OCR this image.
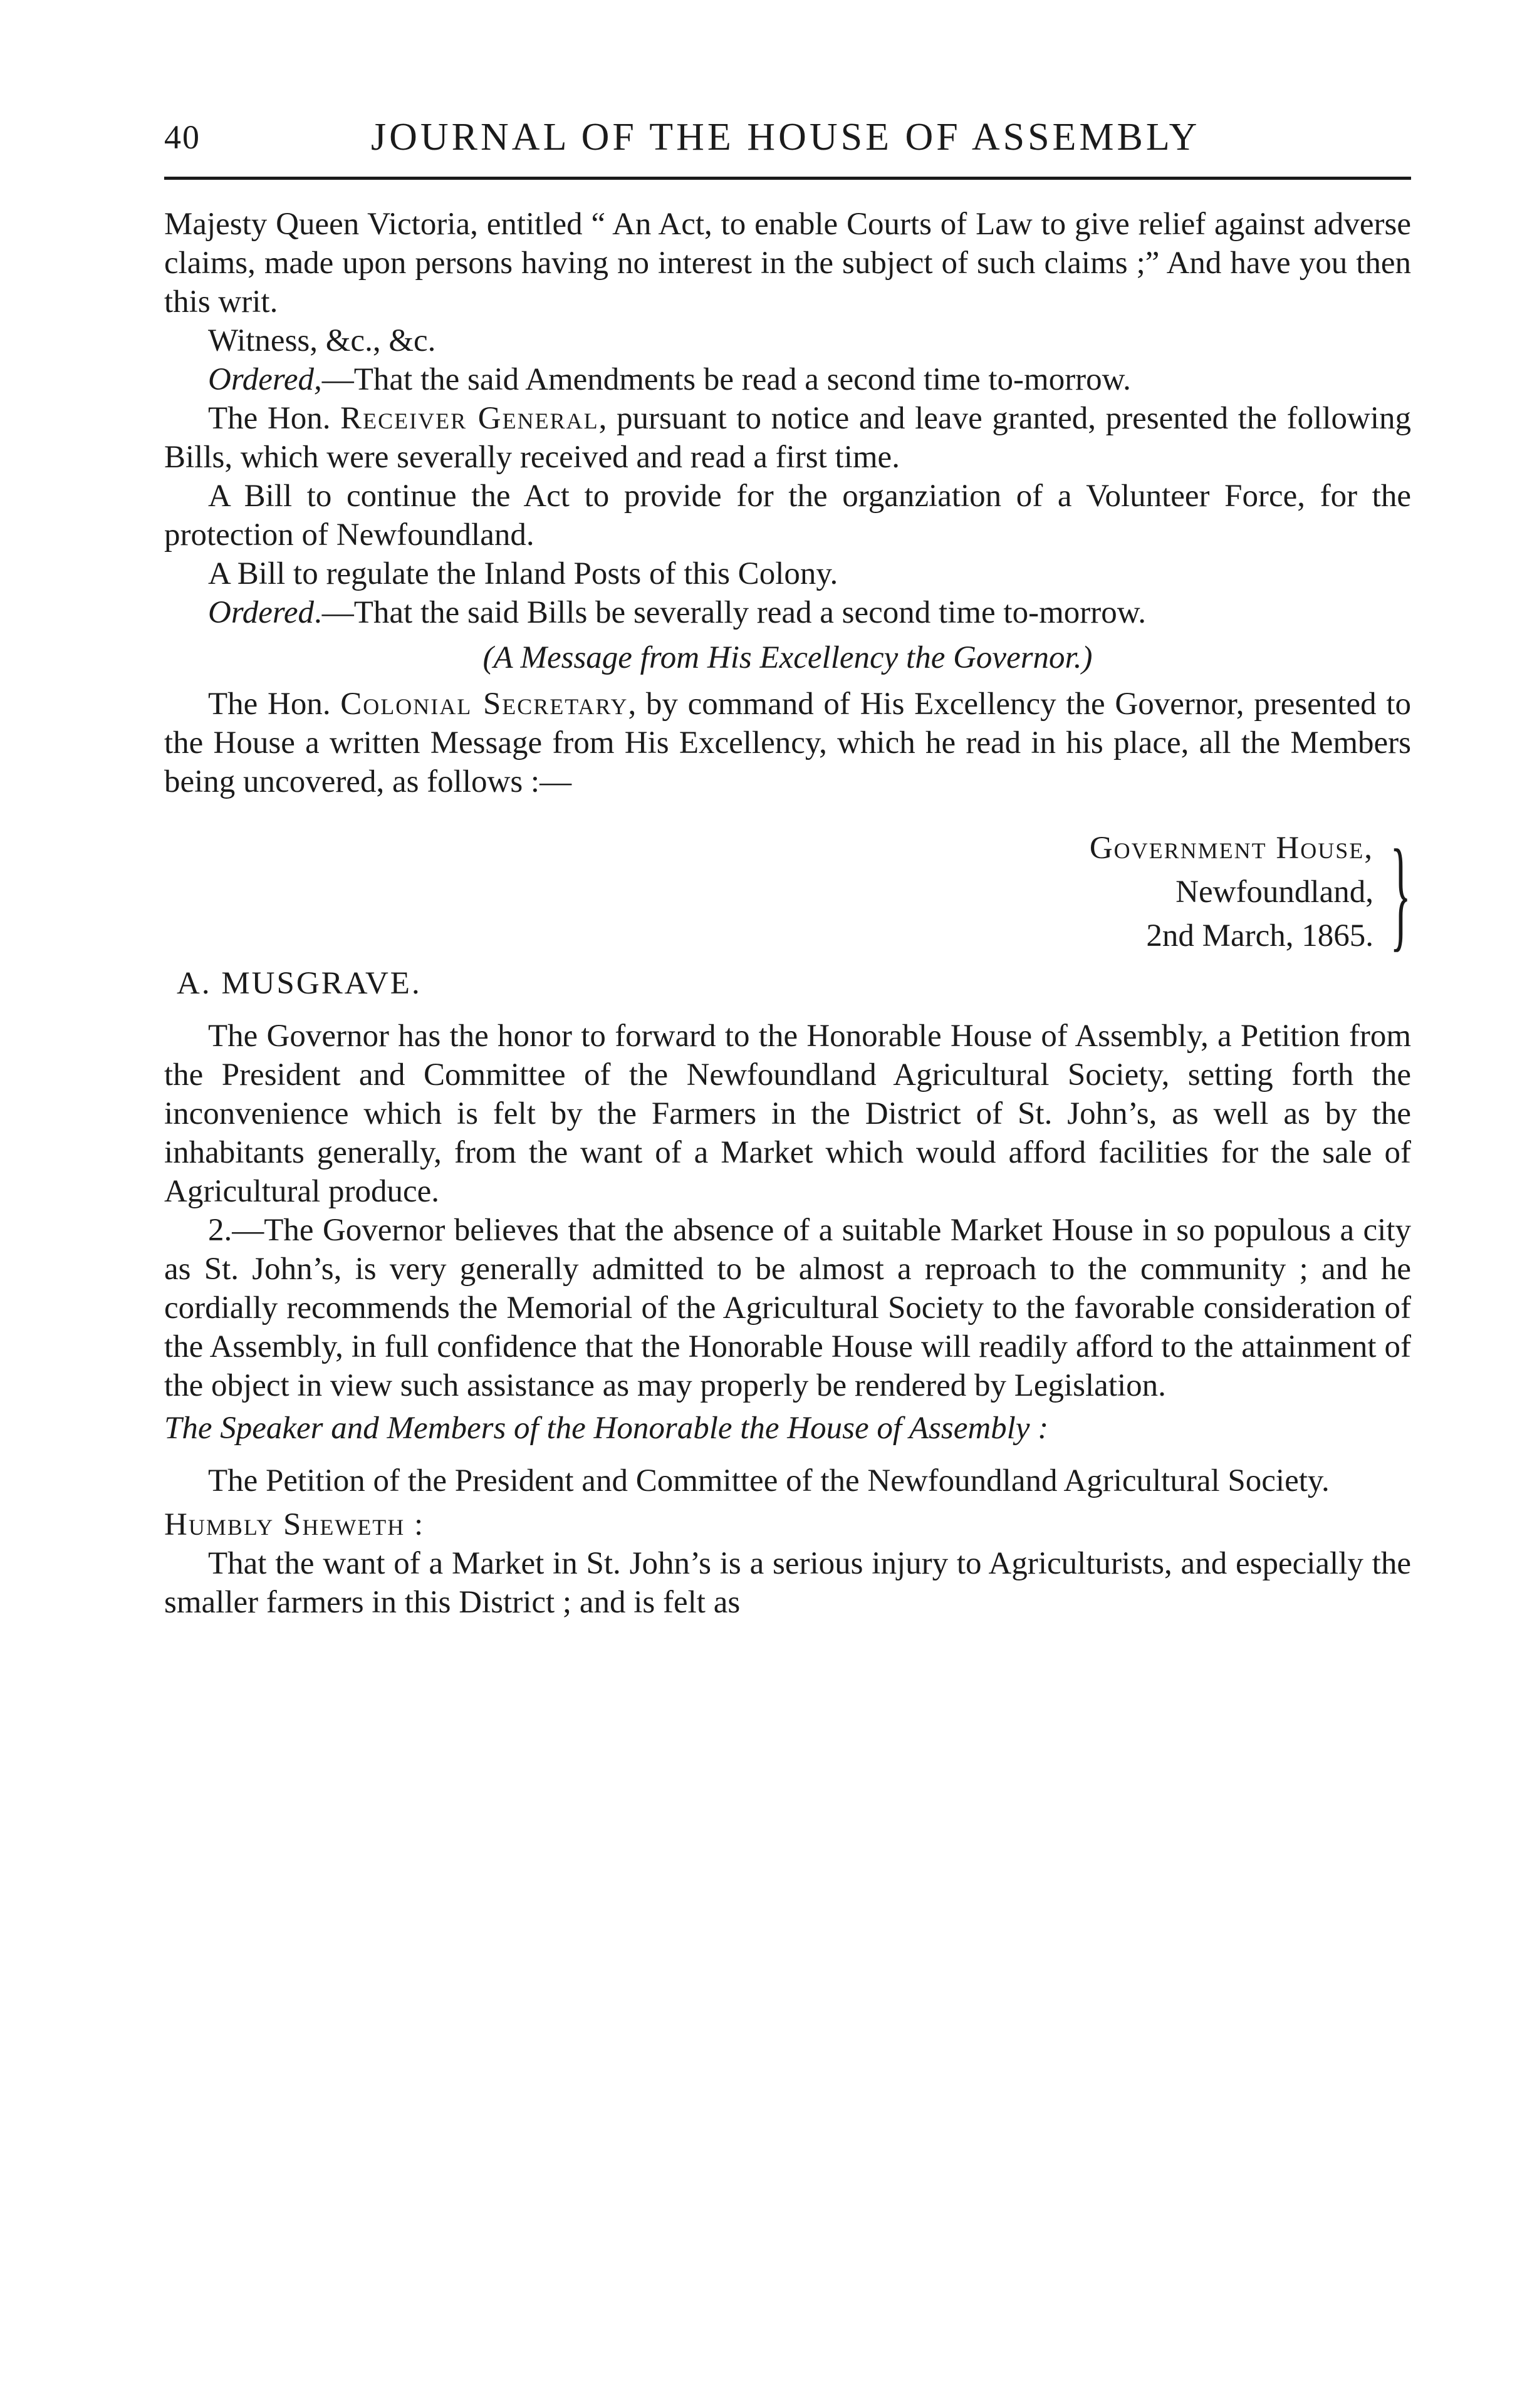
40	JOURNAL OF THE HOUSE OF ASSEMBLY

Majesty Queen Victoria, entitled “ An Act, to enable Courts of Law to give relief against adverse claims, made upon persons having no interest in the subject of such claims ;” And have you then this writ.

Witness, &c., &c.

Ordered,—That the said Amendments be read a second time to-morrow.

The Hon. Receiver General, pursuant to notice and leave granted, presented the following Bills, which were severally received and read a first time.

A Bill to continue the Act to provide for the organziation of a Volunteer Force, for the protection of Newfoundland.

A Bill to regulate the Inland Posts of this Colony.

Ordered.—That the said Bills be severally read a second time to-morrow.

(A Message from His Excellency the Governor.)

The Hon. Colonial Secretary, by command of His Excellency the Governor, presented to the House a written Message from His Excellency, which he read in his place, all the Members being uncovered, as follows :—

Government House,
Newfoundland,
2nd March, 1865. }

A. MUSGRAVE.

The Governor has the honor to forward to the Honorable House of Assembly, a Petition from the President and Committee of the Newfoundland Agricultural Society, setting forth the inconvenience which is felt by the Farmers in the District of St. John’s, as well as by the inhabitants generally, from the want of a Market which would afford facilities for the sale of Agricultural produce.

2.—The Governor believes that the absence of a suitable Market House in so populous a city as St. John’s, is very generally admitted to be almost a reproach to the community ; and he cordially recommends the Memorial of the Agricultural Society to the favorable consideration of the Assembly, in full confidence that the Honorable House will readily afford to the attainment of the object in view such assistance as may properly be rendered by Legislation.

The Speaker and Members of the Honorable the House of Assembly :

The Petition of the President and Committee of the Newfoundland Agricultural Society.

Humbly Sheweth :

That the want of a Market in St. John’s is a serious injury to Agriculturists, and especially the smaller farmers in this District ; and is felt as
